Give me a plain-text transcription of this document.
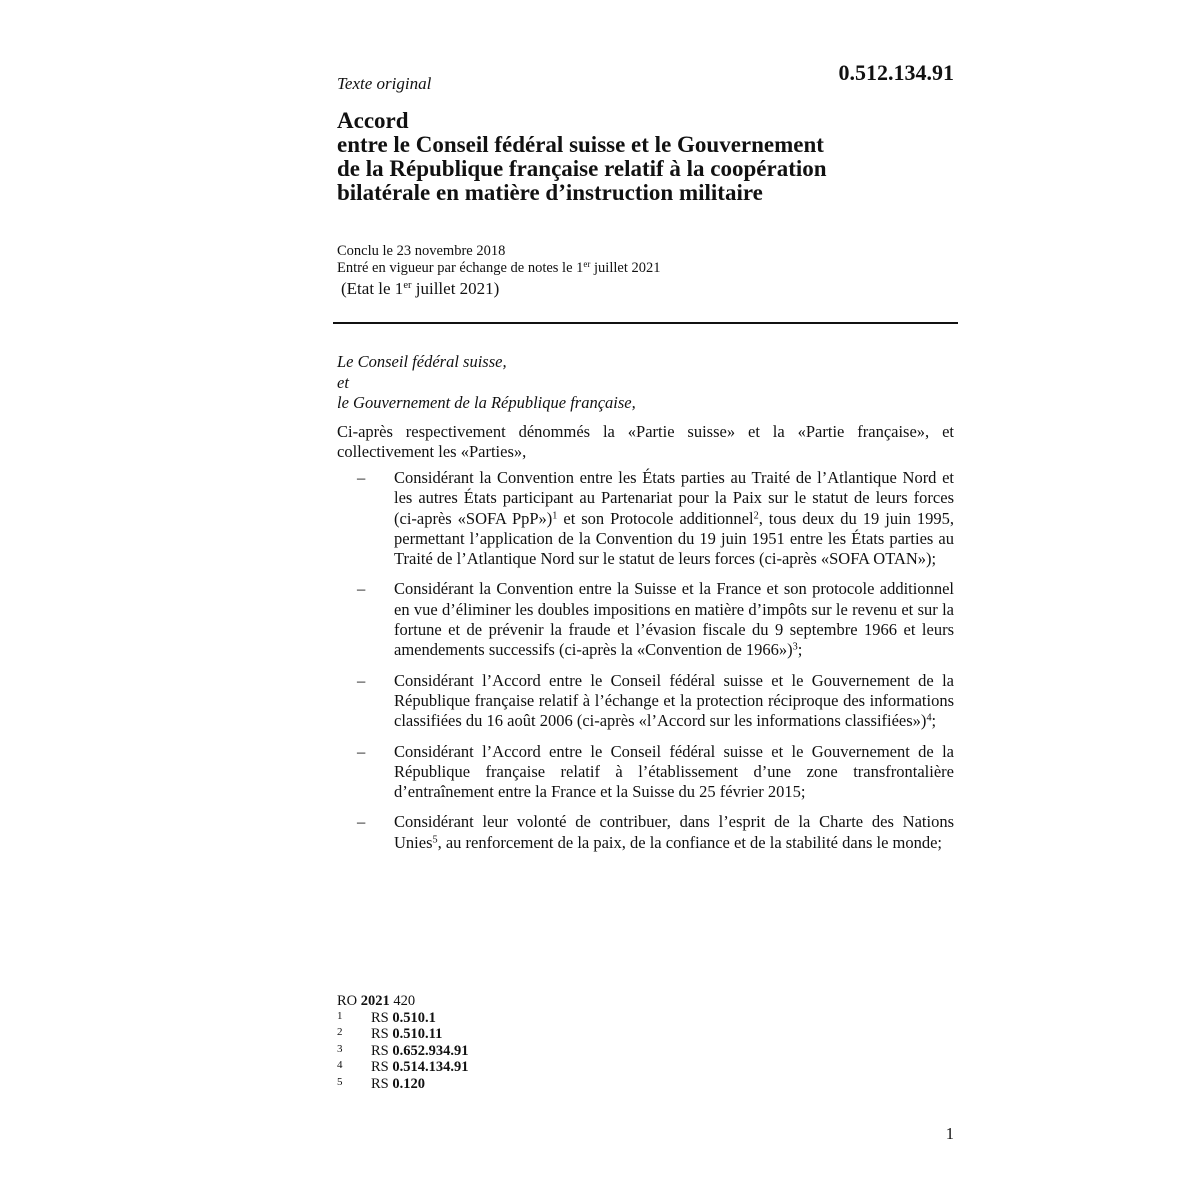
Texte original	0.512.134.91
Accord
entre le Conseil fédéral suisse et le Gouvernement
de la République française relatif à la coopération
bilatérale en matière d’instruction militaire
Conclu le 23 novembre 2018
Entré en vigueur par échange de notes le 1er juillet 2021
(Etat le 1er juillet 2021)
Le Conseil fédéral suisse,
et
le Gouvernement de la République française,

Ci-après respectivement dénommés la «Partie suisse» et la «Partie française», et collectivement les «Parties»,

– Considérant la Convention entre les États parties au Traité de l’Atlantique Nord et les autres États participant au Partenariat pour la Paix sur le statut de leurs forces (ci-après «SOFA PpP»)$^1$ et son Protocole additionnel$^2$, tous deux du 19 juin 1995, permettant l’application de la Convention du 19 juin 1951 entre les États parties au Traité de l’Atlantique Nord sur le statut de leurs forces (ci-après «SOFA OTAN»);
– Considérant la Convention entre la Suisse et la France et son protocole additionnel en vue d’éliminer les doubles impositions en matière d’impôts sur le revenu et sur la fortune et de prévenir la fraude et l’évasion fiscale du 9 septembre 1966 et leurs amendements successifs (ci-après la «Convention de 1966»)$^3$;
– Considérant l’Accord entre le Conseil fédéral suisse et le Gouvernement de la République française relatif à l’échange et la protection réciproque des informations classifiées du 16 août 2006 (ci-après «l’Accord sur les informations classifiées»)$^4$;
– Considérant l’Accord entre le Conseil fédéral suisse et le Gouvernement de la République française relatif à l’établissement d’une zone transfrontalière d’entraînement entre la France et la Suisse du 25 février 2015;
– Considérant leur volonté de contribuer, dans l’esprit de la Charte des Nations Unies$^5$, au renforcement de la paix, de la confiance et de la stabilité dans le monde;
RO 2021 420
1 RS 0.510.1
2 RS 0.510.11
3 RS 0.652.934.91
4 RS 0.514.134.91
5 RS 0.120
1
